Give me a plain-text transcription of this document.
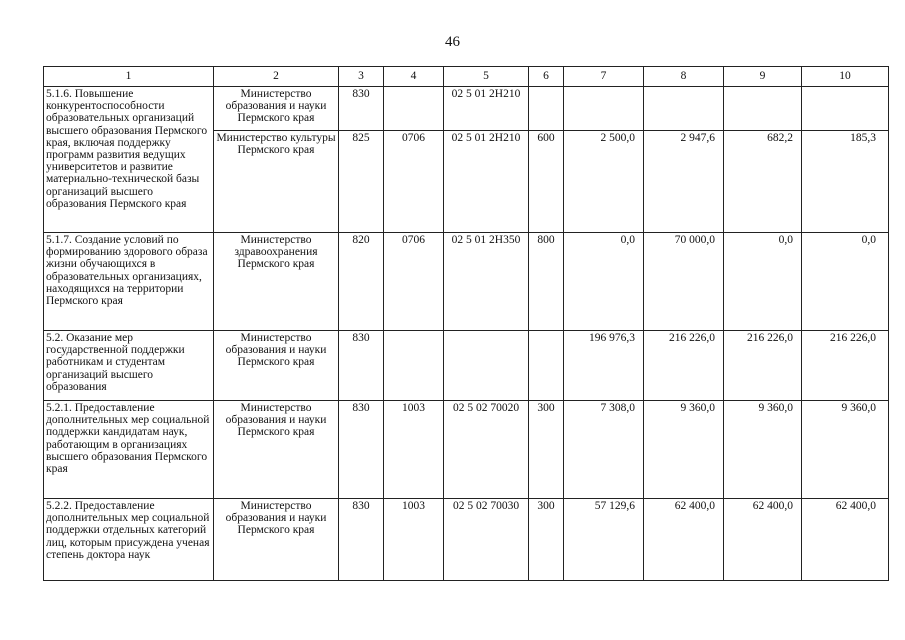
46
1	2	3	4	5	6	7	8	9	10
5.1.6. Повышение конкурентоспособности образовательных организаций высшего образования Пермского края, включая поддержку программ развития ведущих университетов и развитие материально-технической базы организаций высшего образования Пермского края	Министерство образования и науки Пермского края	830		02 5 01 2H210					
	Министерство культуры Пермского края	825	0706	02 5 01 2H210	600	2 500,0	2 947,6	682,2	185,3
5.1.7. Создание условий по формированию здорового образа жизни обучающихся в образовательных организациях, находящихся на территории Пермского края	Министерство здравоохранения Пермского края	820	0706	02 5 01 2H350	800	0,0	70 000,0	0,0	0,0
5.2. Оказание мер государственной поддержки работникам и студентам организаций высшего образования	Министерство образования и науки Пермского края	830				196 976,3	216 226,0	216 226,0	216 226,0
5.2.1. Предоставление дополнительных мер социальной поддержки кандидатам наук, работающим в организациях высшего образования Пермского края	Министерство образования и науки Пермского края	830	1003	02 5 02 70020	300	7 308,0	9 360,0	9 360,0	9 360,0
5.2.2. Предоставление дополнительных мер социальной поддержки отдельных категорий лиц, которым присуждена ученая степень доктора наук	Министерство образования и науки Пермского края	830	1003	02 5 02 70030	300	57 129,6	62 400,0	62 400,0	62 400,0
